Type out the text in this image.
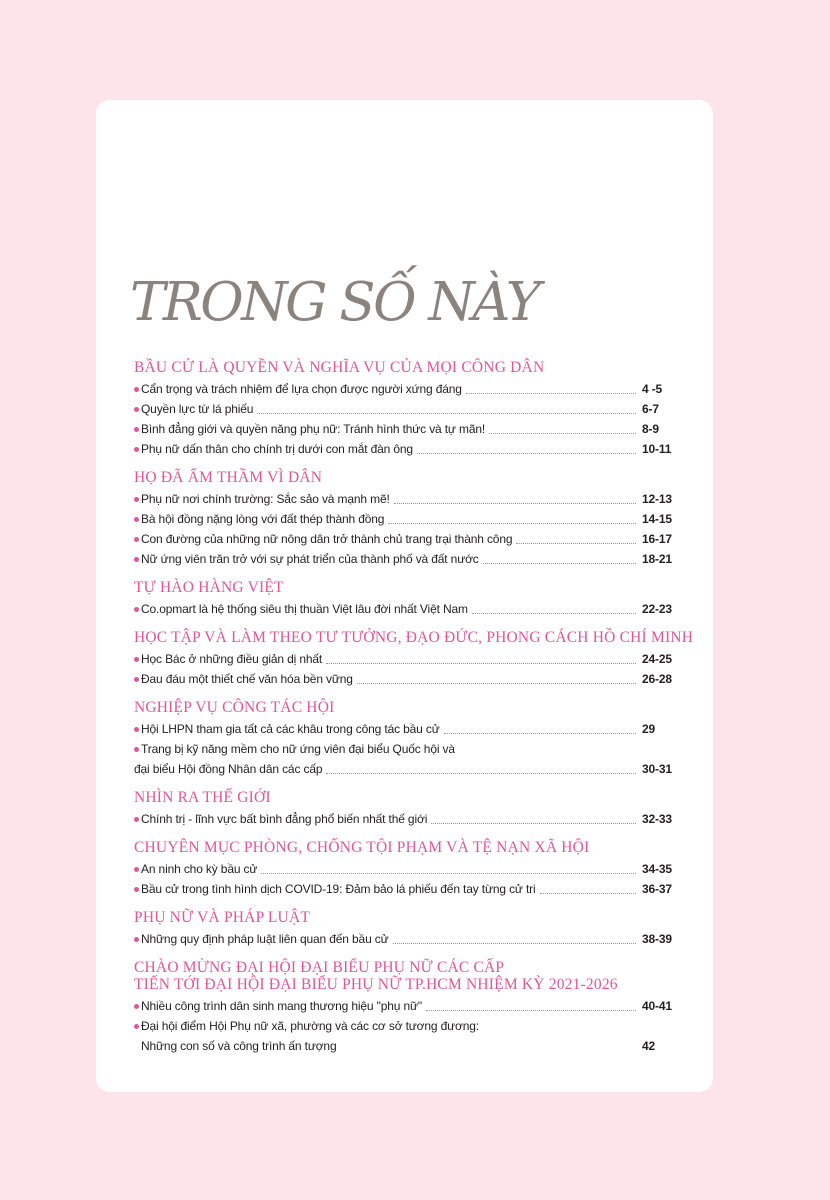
TRONG SỐ NÀY
BẦU CỬ LÀ QUYỀN VÀ NGHĨA VỤ CỦA MỌI CÔNG DÂN
Cẩn trọng và trách nhiệm để lựa chọn được người xứng đáng	4 -5
Quyền lực từ lá phiếu	6-7
Bình đẳng giới và quyền năng phụ nữ: Tránh hình thức và tự mãn!	8-9
Phụ nữ dấn thân cho chính trị dưới con mắt đàn ông	10-11
HỌ ĐÃ ẤM THẦM VÌ DÂN
Phụ nữ nơi chính trường: Sắc sảo và mạnh mẽ!	12-13
Bà hội đồng nặng lòng với đất thép thành đồng	14-15
Con đường của những nữ nông dân trở thành chủ trang trại thành công	16-17
Nữ ứng viên trăn trở với sự phát triển của thành phố và đất nước	18-21
TỰ HÀO HÀNG VIỆT
Co.opmart là hệ thống siêu thị thuần Việt lâu đời nhất Việt Nam	22-23
HỌC TẬP VÀ LÀM THEO TƯ TƯỞNG, ĐẠO ĐỨC, PHONG CÁCH HỒ CHÍ MINH
Học Bác ở những điều giản dị nhất	24-25
Đau đáu một thiết chế văn hóa bền vững	26-28
NGHIỆP VỤ CÔNG TÁC HỘI
Hội LHPN tham gia tất cả các khâu trong công tác bầu cử	29
Trang bị kỹ năng mềm cho nữ ứng viên đại biểu Quốc hội và
đại biểu Hội đồng Nhân dân các cấp	30-31
NHÌN RA THẾ GIỚI
Chính trị - lĩnh vực bất bình đẳng phổ biến nhất thế giới	32-33
CHUYÊN MỤC PHÒNG, CHỐNG TỘI PHẠM VÀ TỆ NẠN XÃ HỘI
An ninh cho kỳ bầu cử	34-35
Bầu cử trong tình hình dịch COVID-19: Đảm bảo lá phiếu đến tay từng cử tri	36-37
PHỤ NỮ VÀ PHÁP LUẬT
Những quy định pháp luật liên quan đến bầu cử	38-39
CHÀO MỪNG ĐẠI HỘI ĐẠI BIỂU PHỤ NỮ CÁC CẤP
TIẾN TỚI ĐẠI HỘI ĐẠI BIỂU PHỤ NỮ TP.HCM NHIỆM KỲ 2021-2026
Nhiều công trình dân sinh mang thương hiệu "phụ nữ"	40-41
Đại hội điểm Hội Phụ nữ xã, phường và các cơ sở tương đương:
Những con số và công trình ấn tượng	42
